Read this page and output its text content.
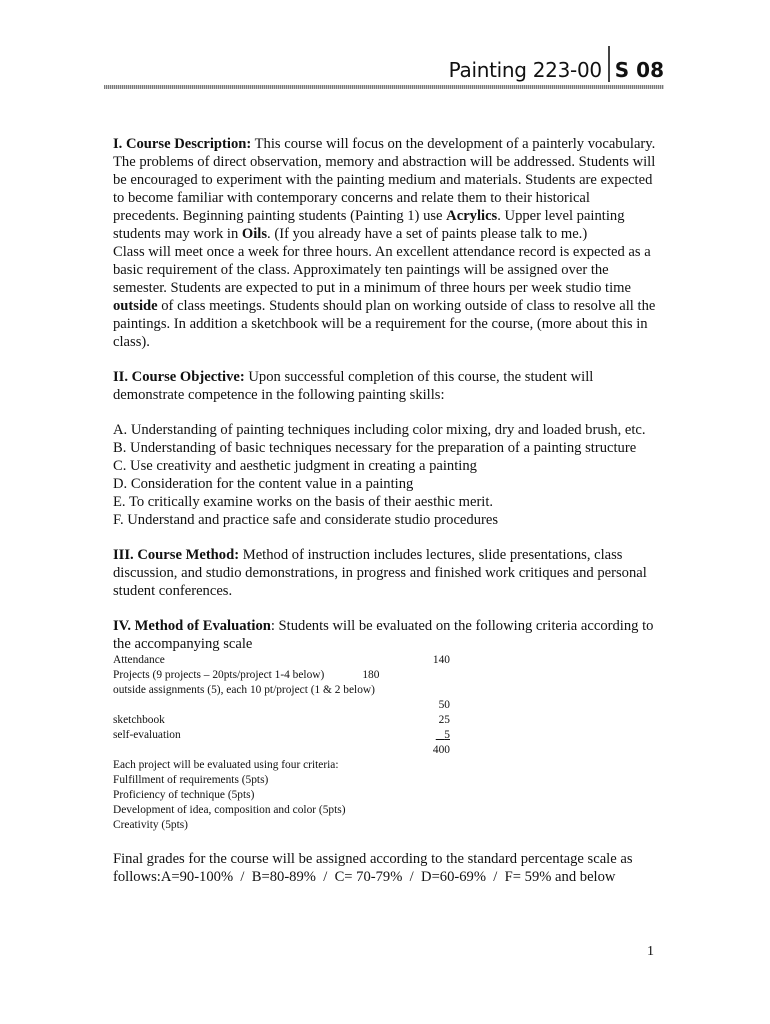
Painting 223-00 S 08

I. Course Description: This course will focus on the development of a painterly vocabulary. The problems of direct observation, memory and abstraction will be addressed. Students will be encouraged to experiment with the painting medium and materials. Students are expected to become familiar with contemporary concerns and relate them to their historical precedents. Beginning painting students (Painting 1) use Acrylics. Upper level painting students may work in Oils. (If you already have a set of paints please talk to me.)

Class will meet once a week for three hours. An excellent attendance record is expected as a basic requirement of the class. Approximately ten paintings will be assigned over the semester. Students are expected to put in a minimum of three hours per week studio time outside of class meetings. Students should plan on working outside of class to resolve all the paintings. In addition a sketchbook will be a requirement for the course, (more about this in class).

II. Course Objective: Upon successful completion of this course, the student will demonstrate competence in the following painting skills:

A. Understanding of painting techniques including color mixing, dry and loaded brush, etc.

B. Understanding of basic techniques necessary for the preparation of a painting structure

C. Use creativity and aesthetic judgment in creating a painting

D. Consideration for the content value in a painting

E. To critically examine works on the basis of their aesthic merit.

F. Understand and practice safe and considerate studio procedures

III. Course Method: Method of instruction includes lectures, slide presentations, class discussion, and studio demonstrations, in progress and finished work critiques and personal student conferences.

IV. Method of Evaluation: Students will be evaluated on the following criteria according to the accompanying scale

Attendance	140
Projects (9 projects – 20pts/project 1-4 below) 180	
outside assignments (5), each 10 pt/project (1 & 2 below)	
	50
sketchbook	25
self-evaluation	5
	400

Each project will be evaluated using four criteria:

Fulfillment of requirements (5pts)

Proficiency of technique (5pts)

Development of idea, composition and color (5pts)

Creativity (5pts)

Final grades for the course will be assigned according to the standard percentage scale as follows:A=90-100%  /  B=80-89%  /  C= 70-79%  /  D=60-69%  /  F= 59% and below

1
